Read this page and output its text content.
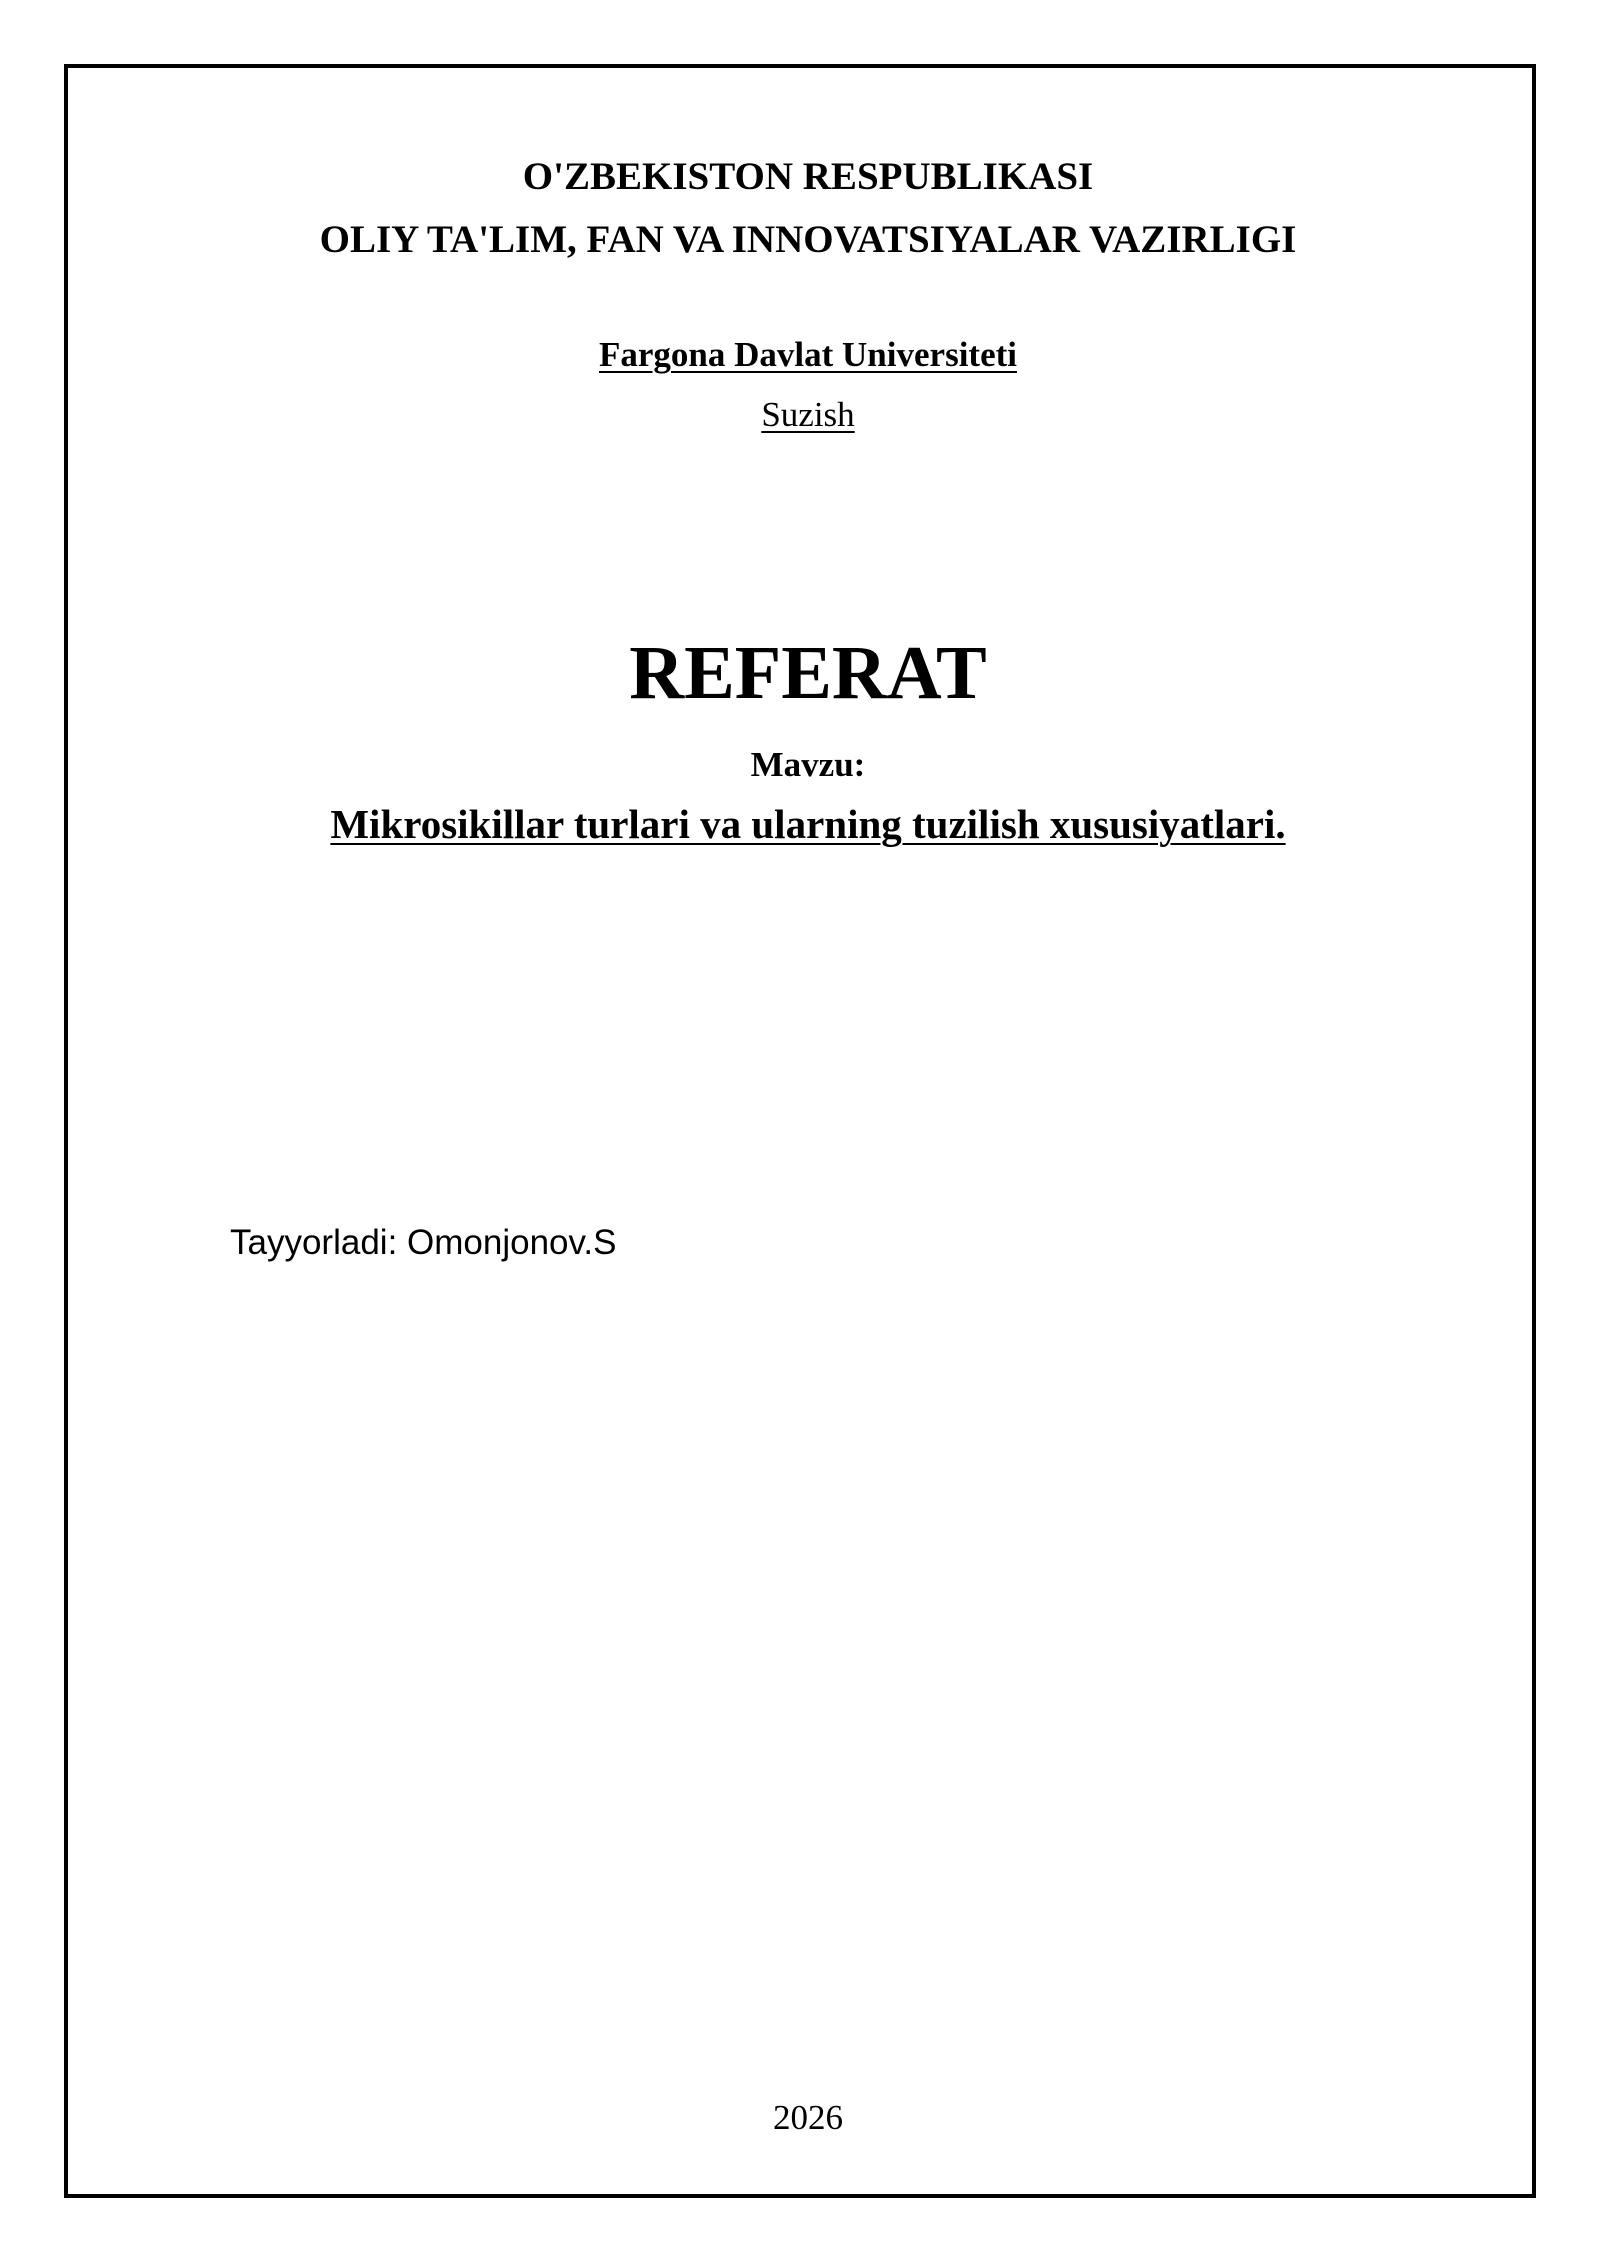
O'ZBEKISTON RESPUBLIKASI
OLIY TA'LIM, FAN VA INNOVATSIYALAR VAZIRLIGI
Fargona Davlat Universiteti
Suzish
REFERAT
Mavzu:
Mikrosikillar turlari va ularning tuzilish xususiyatlari.
Tayyorladi: Omonjonov.S
2026
